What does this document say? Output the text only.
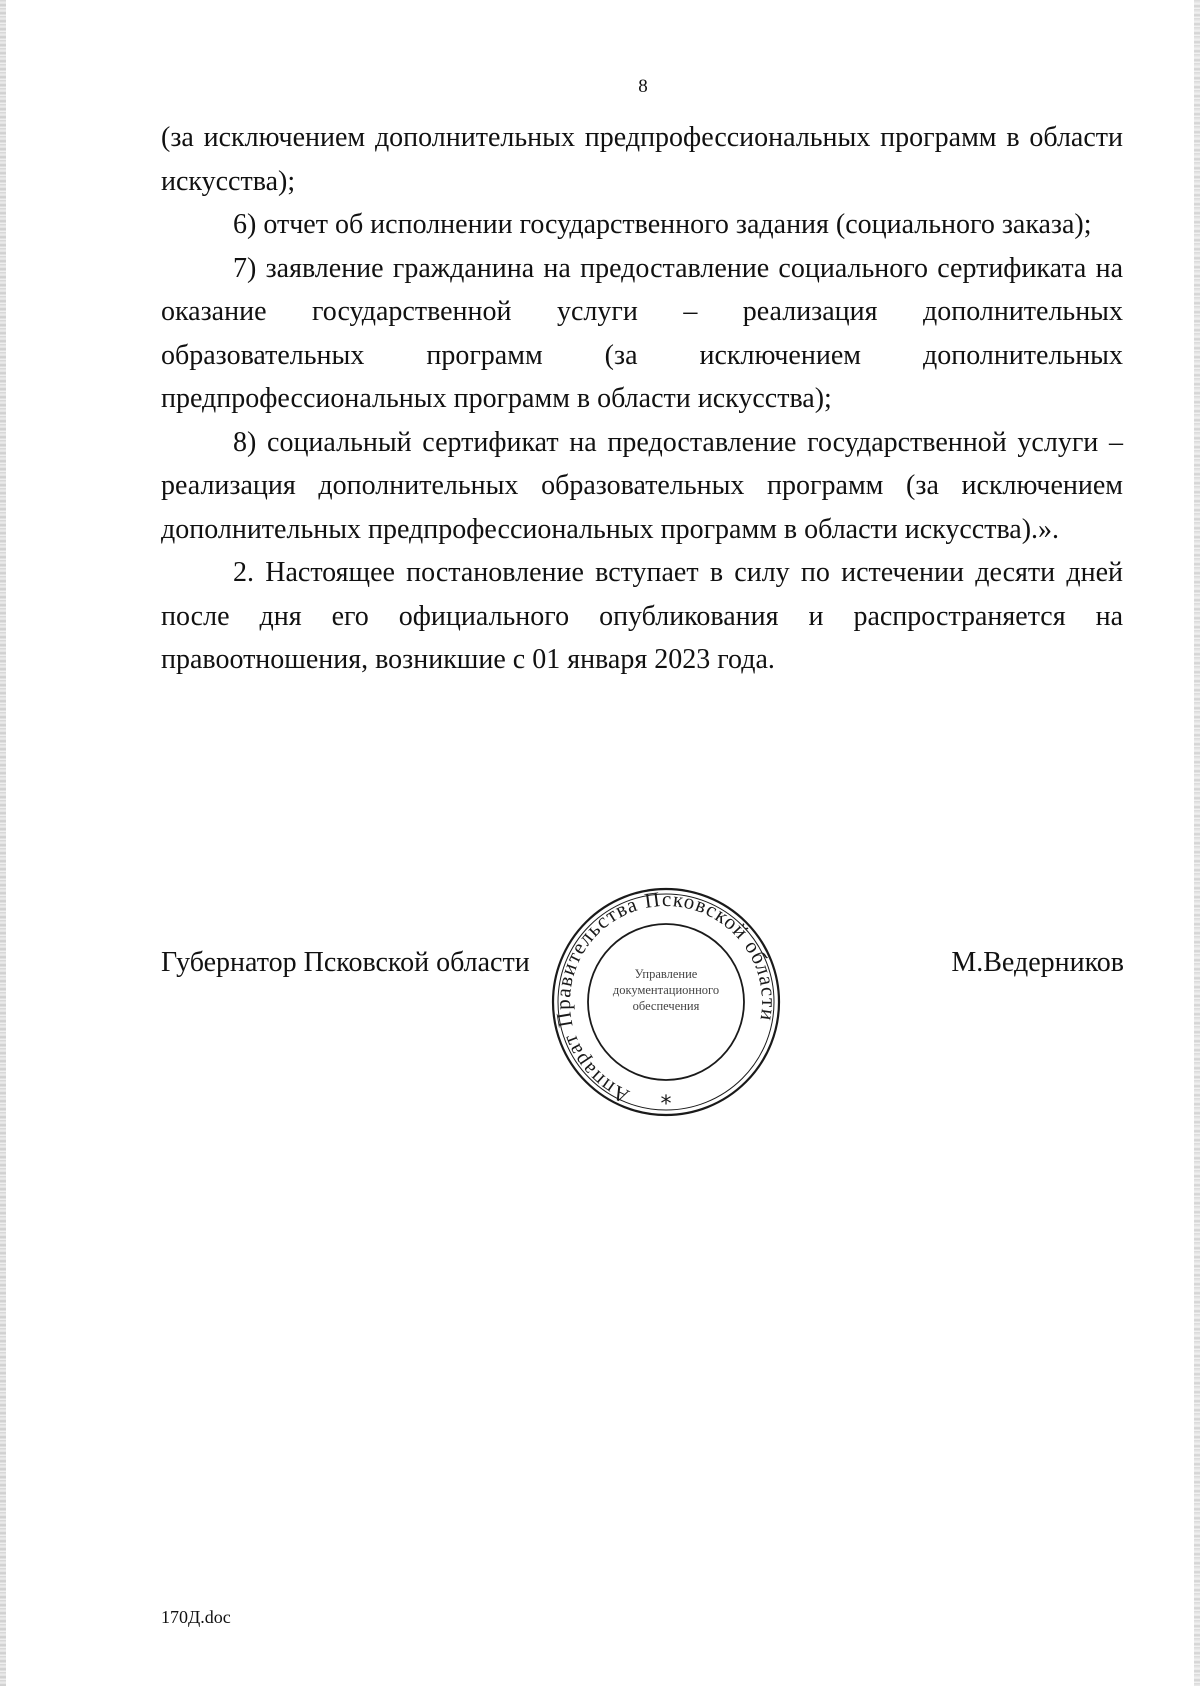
8

(за исключением дополнительных предпрофессиональных программ в области искусства);

6) отчет об исполнении государственного задания (социального заказа);

7) заявление гражданина на предоставление социального сертификата на оказание государственной услуги – реализация дополнительных образовательных программ (за исключением дополнительных предпрофессиональных программ в области искусства);

8) социальный сертификат на предоставление государственной услуги – реализация дополнительных образовательных программ (за исключением дополнительных предпрофессиональных программ в области искусства).».

2. Настоящее постановление вступает в силу по истечении десяти дней после дня его официального опубликования и распространяется на правоотношения, возникшие с 01 января 2023 года.

Губернатор Псковской области	М.Ведерников
Аппарат Правительства Псковской области
*
Управление
документационного
обеспечения
170Д.doc
